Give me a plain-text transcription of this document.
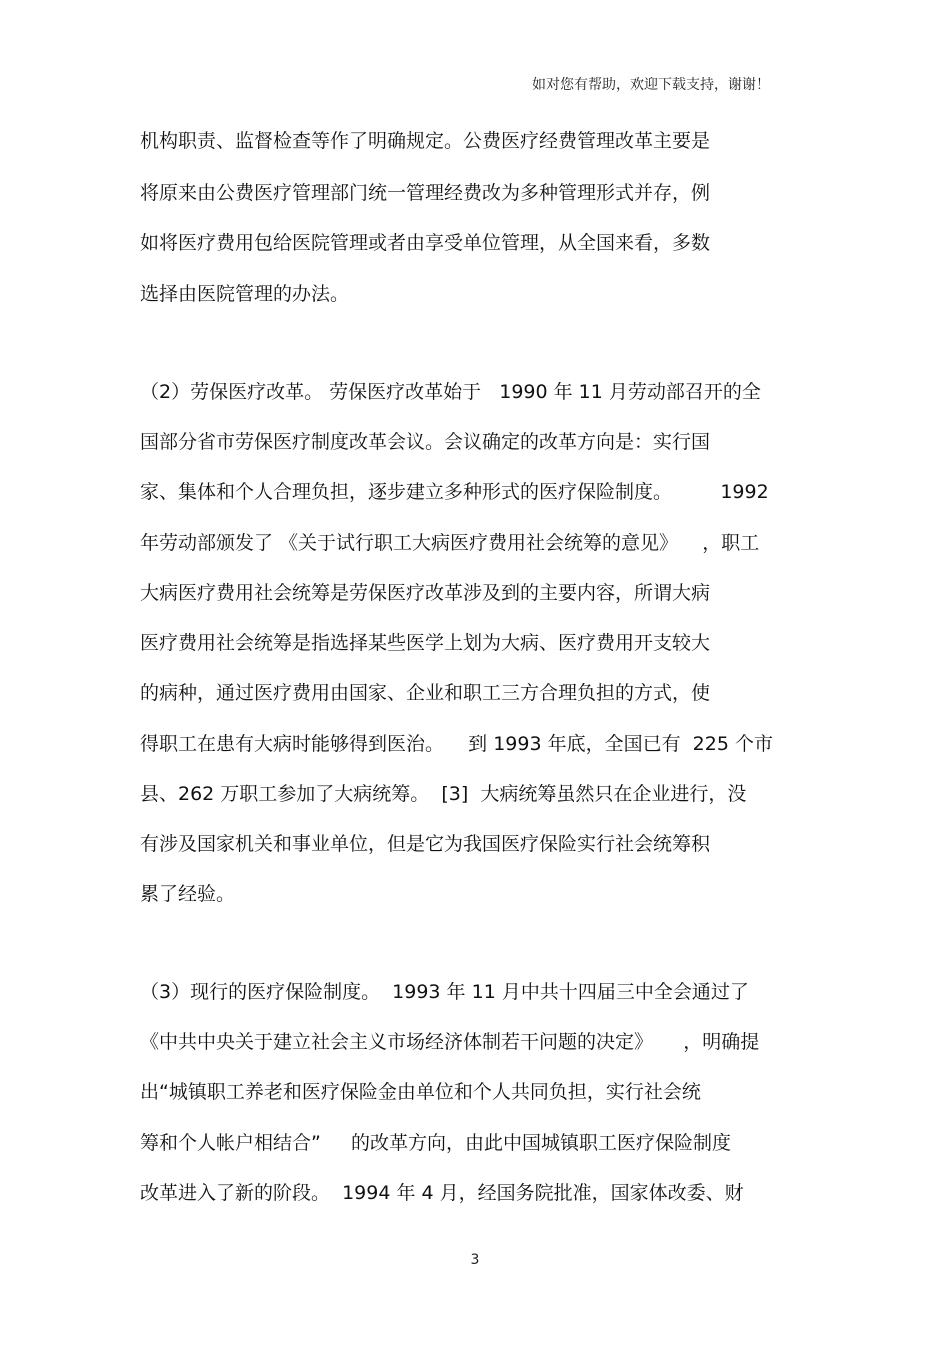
如对您有帮助，欢迎下载支持，谢谢！
机构职责、监督检查等作了明确规定。公费医疗经费管理改革主要是
将原来由公费医疗管理部门统一管理经费改为多种管理形式并存，例
如将医疗费用包给医院管理或者由享受单位管理，从全国来看，多数
选择由医院管理的办法。
（2）劳保医疗改革。 劳保医疗改革始于   1990 年 11 月劳动部召开的全
国部分省市劳保医疗制度改革会议。会议确定的改革方向是：实行国
家、集体和个人合理负担，逐步建立多种形式的医疗保险制度。        1992
年劳动部颁发了 《关于试行职工大病医疗费用社会统筹的意见》    ，职工
大病医疗费用社会统筹是劳保医疗改革涉及到的主要内容，所谓大病
医疗费用社会统筹是指选择某些医学上划为大病、医疗费用开支较大
的病种，通过医疗费用由国家、企业和职工三方合理负担的方式，使
得职工在患有大病时能够得到医治。    到 1993 年底，全国已有  225 个市
县、262 万职工参加了大病统筹。  [3]  大病统筹虽然只在企业进行，没
有涉及国家机关和事业单位，但是它为我国医疗保险实行社会统筹积
累了经验。
（3）现行的医疗保险制度。  1993 年 11 月中共十四届三中全会通过了
《中共中央关于建立社会主义市场经济体制若干问题的决定》     ，明确提
出“城镇职工养老和医疗保险金由单位和个人共同负担，实行社会统
筹和个人帐户相结合”     的改革方向，由此中国城镇职工医疗保险制度
改革进入了新的阶段。  1994 年 4 月，经国务院批准，国家体改委、财
3
